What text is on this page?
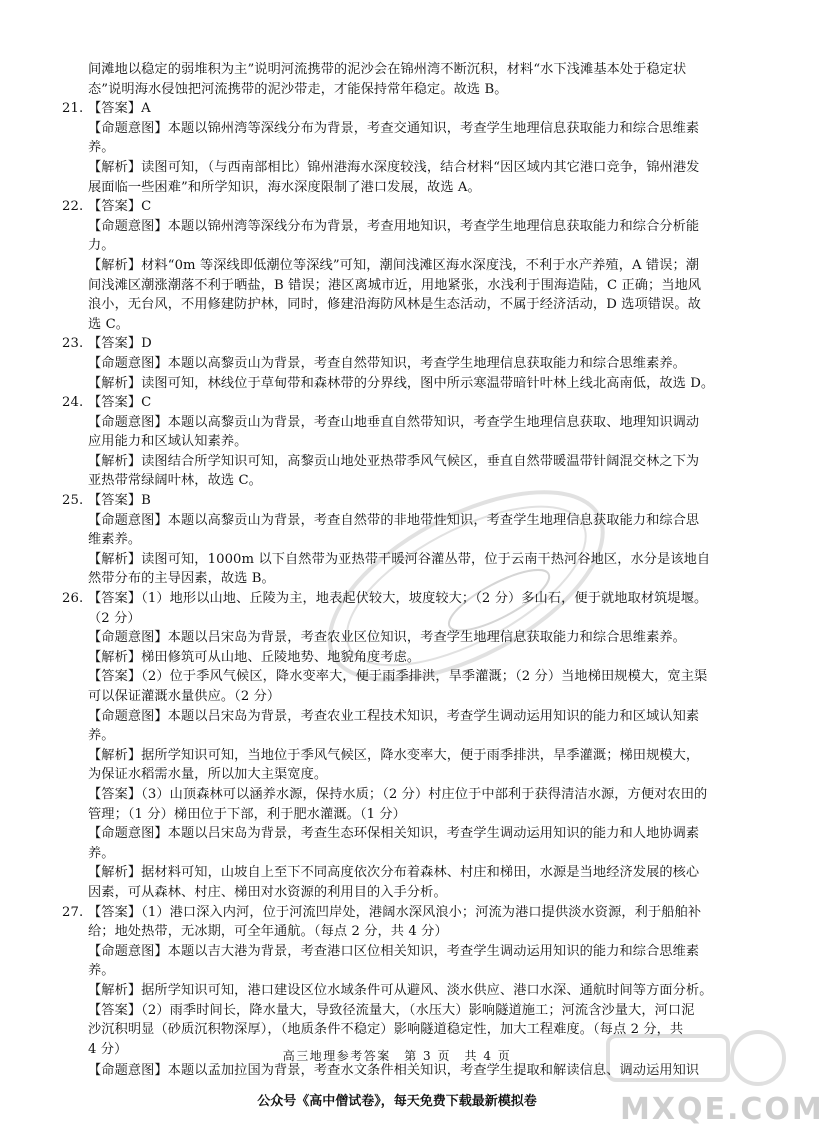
间滩地以稳定的弱堆积为主”说明河流携带的泥沙会在锦州湾不断沉积，材料“水下浅滩基本处于稳定状

态”说明海水侵蚀把河流携带的泥沙带走，才能保持常年稳定。故选 B。

21. 【答案】A
【命题意图】本题以锦州湾等深线分布为背景，考查交通知识，考查学生地理信息获取能力和综合思维素
养。
【解析】读图可知，（与西南部相比）锦州港海水深度较浅，结合材料“因区域内其它港口竞争，锦州港发
展面临一些困难”和所学知识，海水深度限制了港口发展，故选 A。
22. 【答案】C
【命题意图】本题以锦州湾等深线分布为背景，考查用地知识，考查学生地理信息获取能力和综合分析能
力。
【解析】材料“0m 等深线即低潮位等深线”可知，潮间浅滩区海水深度浅，不利于水产养殖，A 错误；潮
间浅滩区潮涨潮落不利于晒盐，B 错误；港区离城市近，用地紧张，水浅利于围海造陆，C 正确；当地风
浪小，无台风，不用修建防护林，同时，修建沿海防风林是生态活动，不属于经济活动，D 选项错误。故
选 C。
23. 【答案】D
【命题意图】本题以高黎贡山为背景，考查自然带知识，考查学生地理信息获取能力和综合思维素养。
【解析】读图可知，林线位于草甸带和森林带的分界线，图中所示寒温带暗针叶林上线北高南低，故选 D。
24. 【答案】C
【命题意图】本题以高黎贡山为背景，考查山地垂直自然带知识，考查学生地理信息获取、地理知识调动
应用能力和区域认知素养。
【解析】读图结合所学知识可知，高黎贡山地处亚热带季风气候区，垂直自然带暖温带针阔混交林之下为
亚热带常绿阔叶林，故选 C。
25. 【答案】B
【命题意图】本题以高黎贡山为背景，考查自然带的非地带性知识，考查学生地理信息获取能力和综合思
维素养。
【解析】读图可知，1000m 以下自然带为亚热带干暖河谷灌丛带，位于云南干热河谷地区，水分是该地自
然带分布的主导因素，故选 B。
26. 【答案】（1）地形以山地、丘陵为主，地表起伏较大，坡度较大；（2 分）多山石，便于就地取材筑堤堰。
（2 分）
【命题意图】本题以吕宋岛为背景，考查农业区位知识，考查学生地理信息获取能力和综合思维素养。
【解析】梯田修筑可从山地、丘陵地势、地貌角度考虑。
【答案】（2）位于季风气候区，降水变率大，便于雨季排洪，旱季灌溉；（2 分）当地梯田规模大，宽主渠
可以保证灌溉水量供应。（2 分）
【命题意图】本题以吕宋岛为背景，考查农业工程技术知识，考查学生调动运用知识的能力和区域认知素
养。
【解析】据所学知识可知，当地位于季风气候区，降水变率大，便于雨季排洪，旱季灌溉；梯田规模大，
为保证水稻需水量，所以加大主渠宽度。
【答案】（3）山顶森林可以涵养水源，保持水质；（2 分）村庄位于中部利于获得清洁水源，方便对农田的
管理；（1 分）梯田位于下部，利于肥水灌溉。（1 分）
【命题意图】本题以吕宋岛为背景，考查生态环保相关知识，考查学生调动运用知识的能力和人地协调素
养。
【解析】据材料可知，山坡自上至下不同高度依次分布着森林、村庄和梯田，水源是当地经济发展的核心
因素，可从森林、村庄、梯田对水资源的利用目的入手分析。
27. 【答案】（1）港口深入内河，位于河流凹岸处，港阔水深风浪小；河流为港口提供淡水资源，利于船舶补
给；地处热带，无冰期，可全年通航。（每点 2 分，共 4 分）
【命题意图】本题以吉大港为背景，考查港口区位相关知识，考查学生调动运用知识的能力和综合思维素
养。
【解析】据所学知识可知，港口建设区位水域条件可从避风、淡水供应、港口水深、通航时间等方面分析。
【答案】（2）雨季时间长，降水量大，导致径流量大，（水压大）影响隧道施工；河流含沙量大，河口泥
沙沉积明显（砂质沉积物深厚），（地质条件不稳定）影响隧道稳定性，加大工程难度。（每点 2 分，共
4 分）
【命题意图】本题以孟加拉国为背景，考查水文条件相关知识，考查学生提取和解读信息、调动运用知识
高三地理参考答案　第 3 页　共 4 页
MXQE.COM
公众号《高中僧试卷》，每天免费下载最新模拟卷
